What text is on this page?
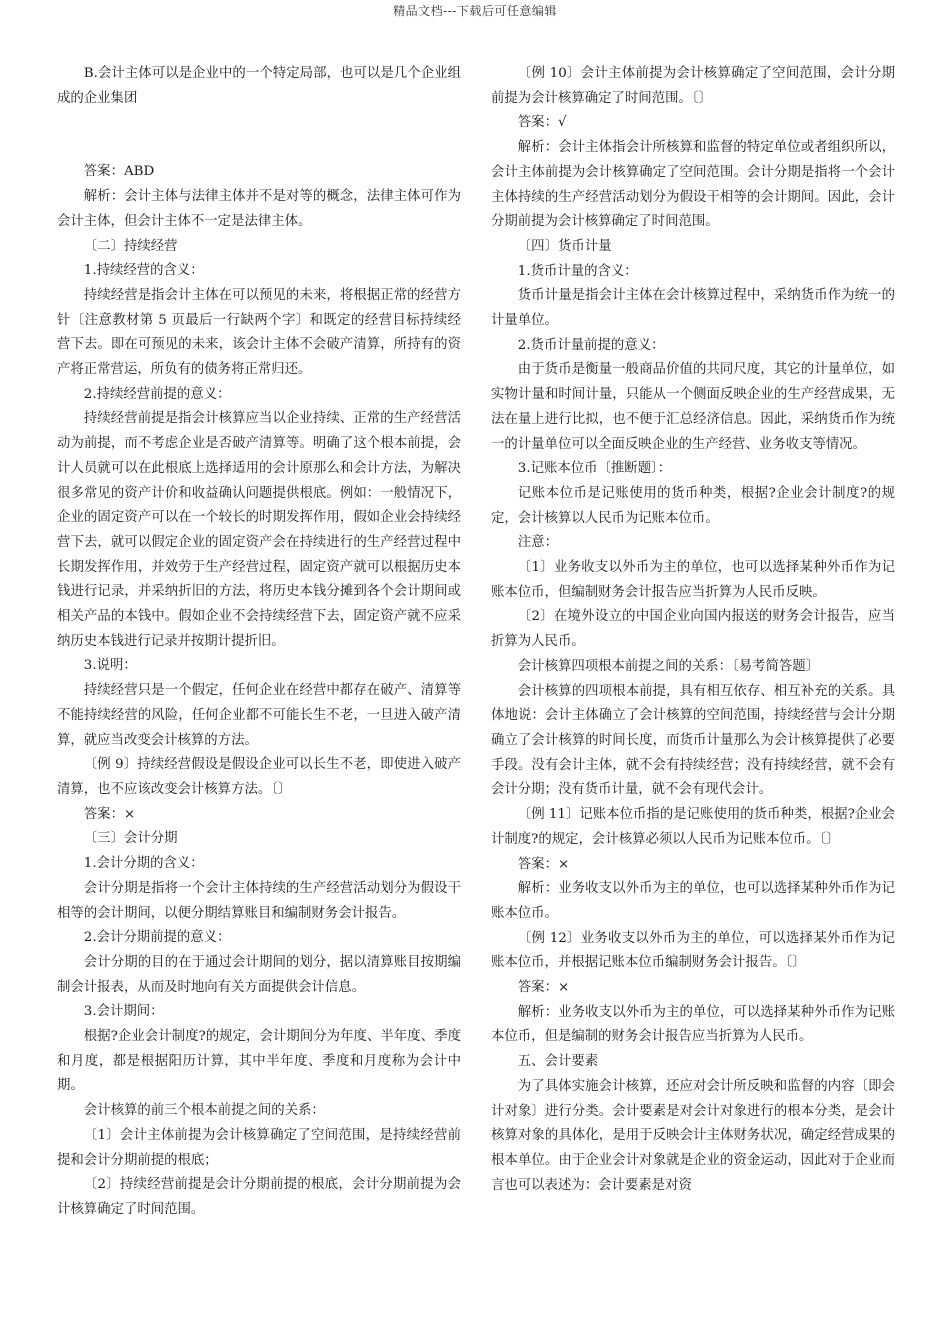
精品文档---下载后可任意编辑

B.会计主体可以是企业中的一个特定局部，也可以是几个企业组成的企业集团

答案：ABD

解析：会计主体与法律主体并不是对等的概念，法律主体可作为会计主体，但会计主体不一定是法律主体。

〔二〕持续经营

1.持续经营的含义：

持续经营是指会计主体在可以预见的未来，将根据正常的经营方针〔注意教材第 5 页最后一行缺两个字〕和既定的经营目标持续经营下去。即在可预见的未来，该会计主体不会破产清算，所持有的资产将正常营运，所负有的债务将正常归还。

2.持续经营前提的意义：

持续经营前提是指会计核算应当以企业持续、正常的生产经营活动为前提，而不考虑企业是否破产清算等。明确了这个根本前提，会计人员就可以在此根底上选择适用的会计原那么和会计方法，为解决很多常见的资产计价和收益确认问题提供根底。例如：一般情况下，企业的固定资产可以在一个较长的时期发挥作用，假如企业会持续经营下去，就可以假定企业的固定资产会在持续进行的生产经营过程中长期发挥作用，并效劳于生产经营过程，固定资产就可以根据历史本钱进行记录，并采纳折旧的方法，将历史本钱分摊到各个会计期间或相关产品的本钱中。假如企业不会持续经营下去，固定资产就不应采纳历史本钱进行记录并按期计提折旧。

3.说明：

持续经营只是一个假定，任何企业在经营中都存在破产、清算等不能持续经营的风险，任何企业都不可能长生不老，一旦进入破产清算，就应当改变会计核算的方法。

〔例 9〕持续经营假设是假设企业可以长生不老，即使进入破产清算，也不应该改变会计核算方法。〔〕

答案：×

〔三〕会计分期

1.会计分期的含义：

会计分期是指将一个会计主体持续的生产经营活动划分为假设干相等的会计期间，以便分期结算账目和编制财务会计报告。

2.会计分期前提的意义：

会计分期的目的在于通过会计期间的划分，据以清算账目按期编制会计报表，从而及时地向有关方面提供会计信息。

3.会计期间：

根据?企业会计制度?的规定，会计期间分为年度、半年度、季度和月度，都是根据阳历计算，其中半年度、季度和月度称为会计中期。

会计核算的前三个根本前提之间的关系：

〔1〕会计主体前提为会计核算确定了空间范围，是持续经营前提和会计分期前提的根底；

〔2〕持续经营前提是会计分期前提的根底，会计分期前提为会计核算确定了时间范围。

〔例 10〕会计主体前提为会计核算确定了空间范围，会计分期前提为会计核算确定了时间范围。〔〕

答案：√

解析：会计主体指会计所核算和监督的特定单位或者组织所以，会计主体前提为会计核算确定了空间范围。会计分期是指将一个会计主体持续的生产经营活动划分为假设干相等的会计期间。因此，会计分期前提为会计核算确定了时间范围。

〔四〕货币计量

1.货币计量的含义：

货币计量是指会计主体在会计核算过程中，采纳货币作为统一的计量单位。

2.货币计量前提的意义：

由于货币是衡量一般商品价值的共同尺度，其它的计量单位，如实物计量和时间计量，只能从一个侧面反映企业的生产经营成果，无法在量上进行比拟，也不便于汇总经济信息。因此，采纳货币作为统一的计量单位可以全面反映企业的生产经营、业务收支等情况。

3.记账本位币〔推断题〕：

记账本位币是记账使用的货币种类，根据?企业会计制度?的规定，会计核算以人民币为记账本位币。

注意：

〔1〕业务收支以外币为主的单位，也可以选择某种外币作为记账本位币，但编制财务会计报告应当折算为人民币反映。

〔2〕在境外设立的中国企业向国内报送的财务会计报告，应当折算为人民币。

会计核算四项根本前提之间的关系：〔易考简答题〕

会计核算的四项根本前提，具有相互依存、相互补充的关系。具体地说：会计主体确立了会计核算的空间范围，持续经营与会计分期确立了会计核算的时间长度，而货币计量那么为会计核算提供了必要手段。没有会计主体，就不会有持续经营；没有持续经营，就不会有会计分期；没有货币计量，就不会有现代会计。

〔例 11〕记账本位币指的是记账使用的货币种类，根据?企业会计制度?的规定，会计核算必须以人民币为记账本位币。〔〕

答案：×

解析：业务收支以外币为主的单位，也可以选择某种外币作为记账本位币。

〔例 12〕业务收支以外币为主的单位，可以选择某外币作为记账本位币，并根据记账本位币编制财务会计报告。〔〕

答案：×

解析：业务收支以外币为主的单位，可以选择某种外币作为记账本位币，但是编制的财务会计报告应当折算为人民币。

五、会计要素

为了具体实施会计核算，还应对会计所反映和监督的内容〔即会计对象〕进行分类。会计要素是对会计对象进行的根本分类，是会计核算对象的具体化，是用于反映会计主体财务状况，确定经营成果的根本单位。由于企业会计对象就是企业的资金运动，因此对于企业而言也可以表述为：会计要素是对资
